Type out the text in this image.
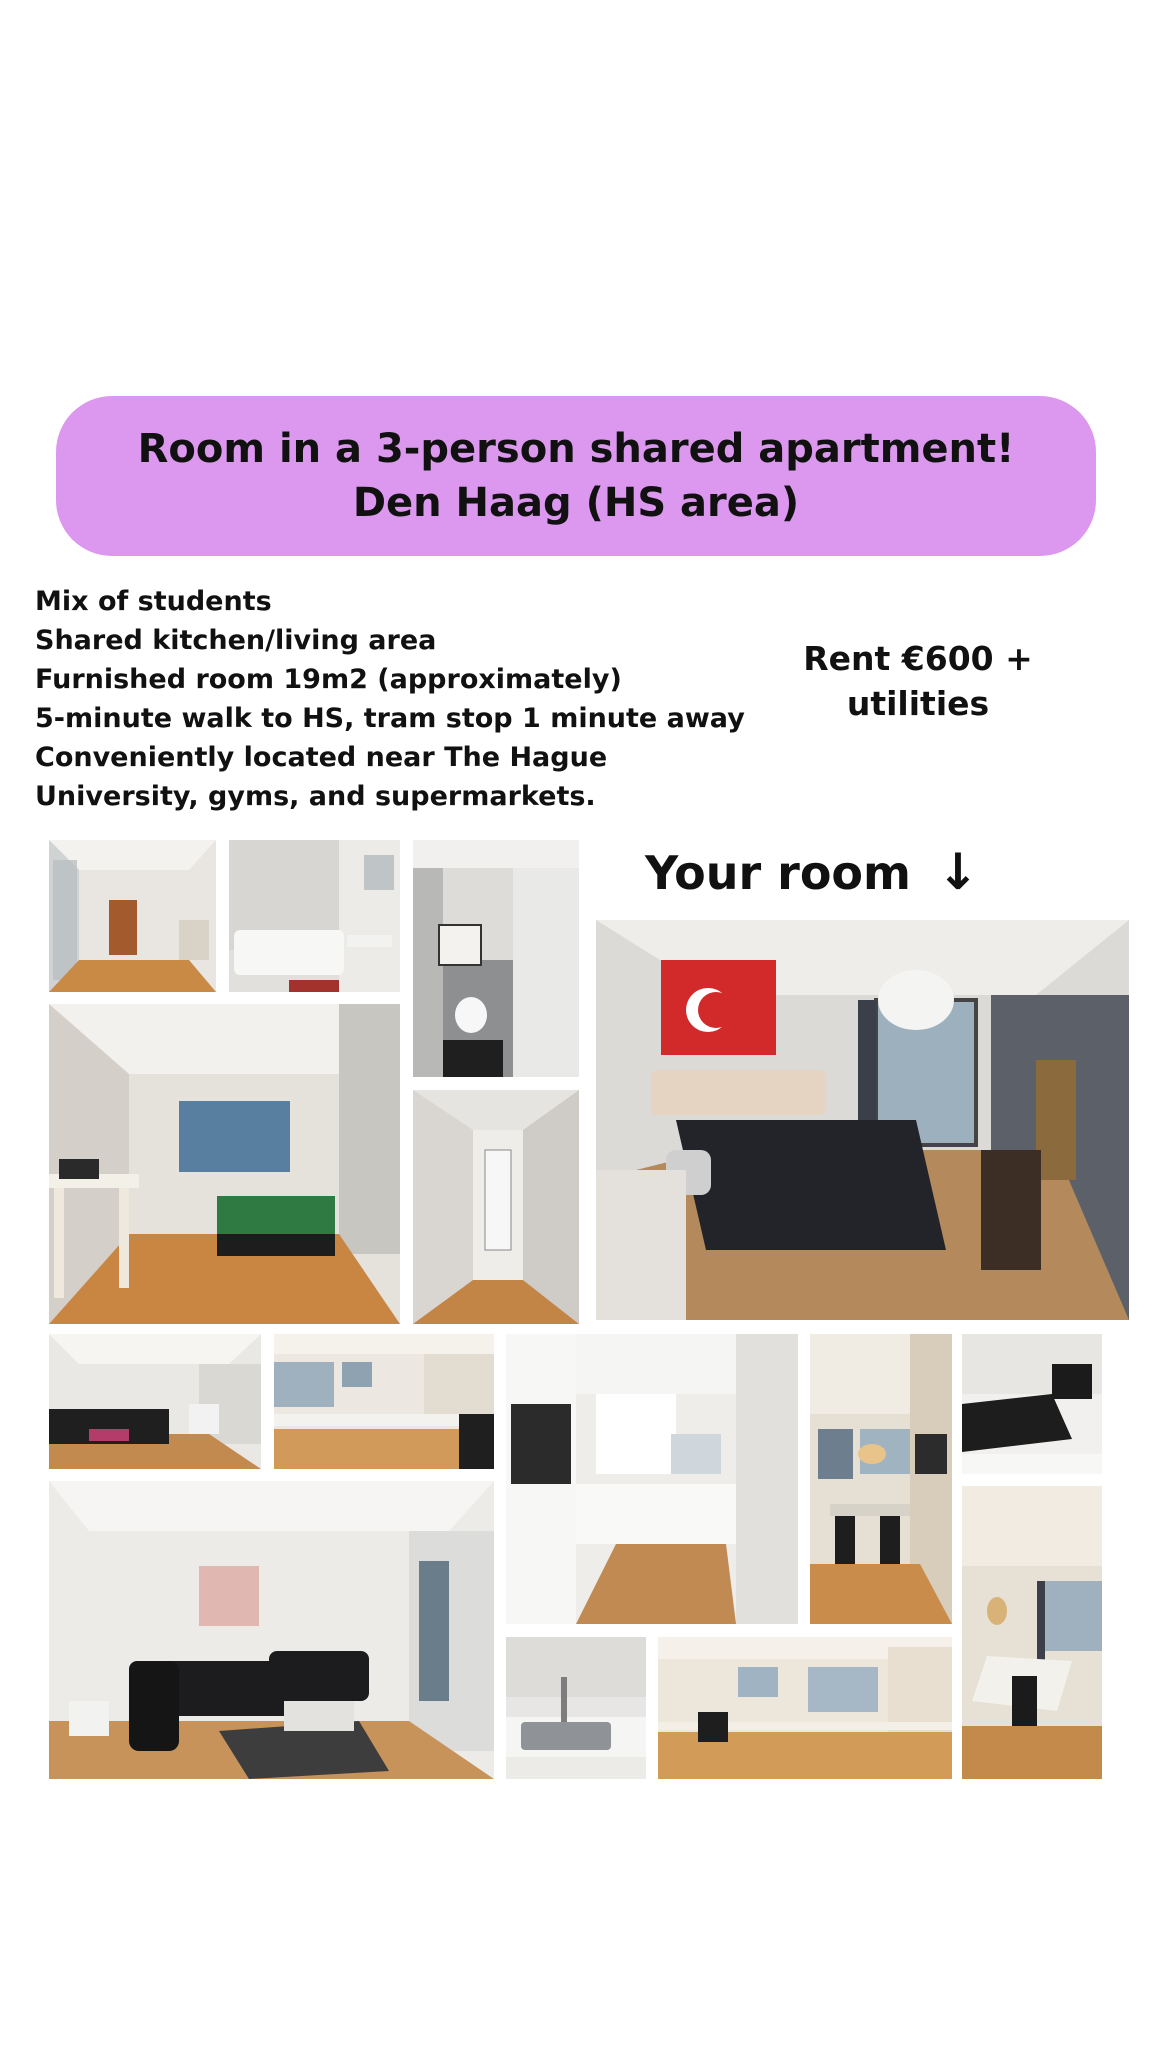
Room in a 3-person shared apartment!
Den Haag (HS area)
Mix of students
Shared kitchen/living area
Furnished room 19m2 (approximately)
5-minute walk to HS, tram stop 1 minute away
Conveniently located near The Hague
University, gyms, and supermarkets.
Rent €600 +
utilities
Your room ↓
